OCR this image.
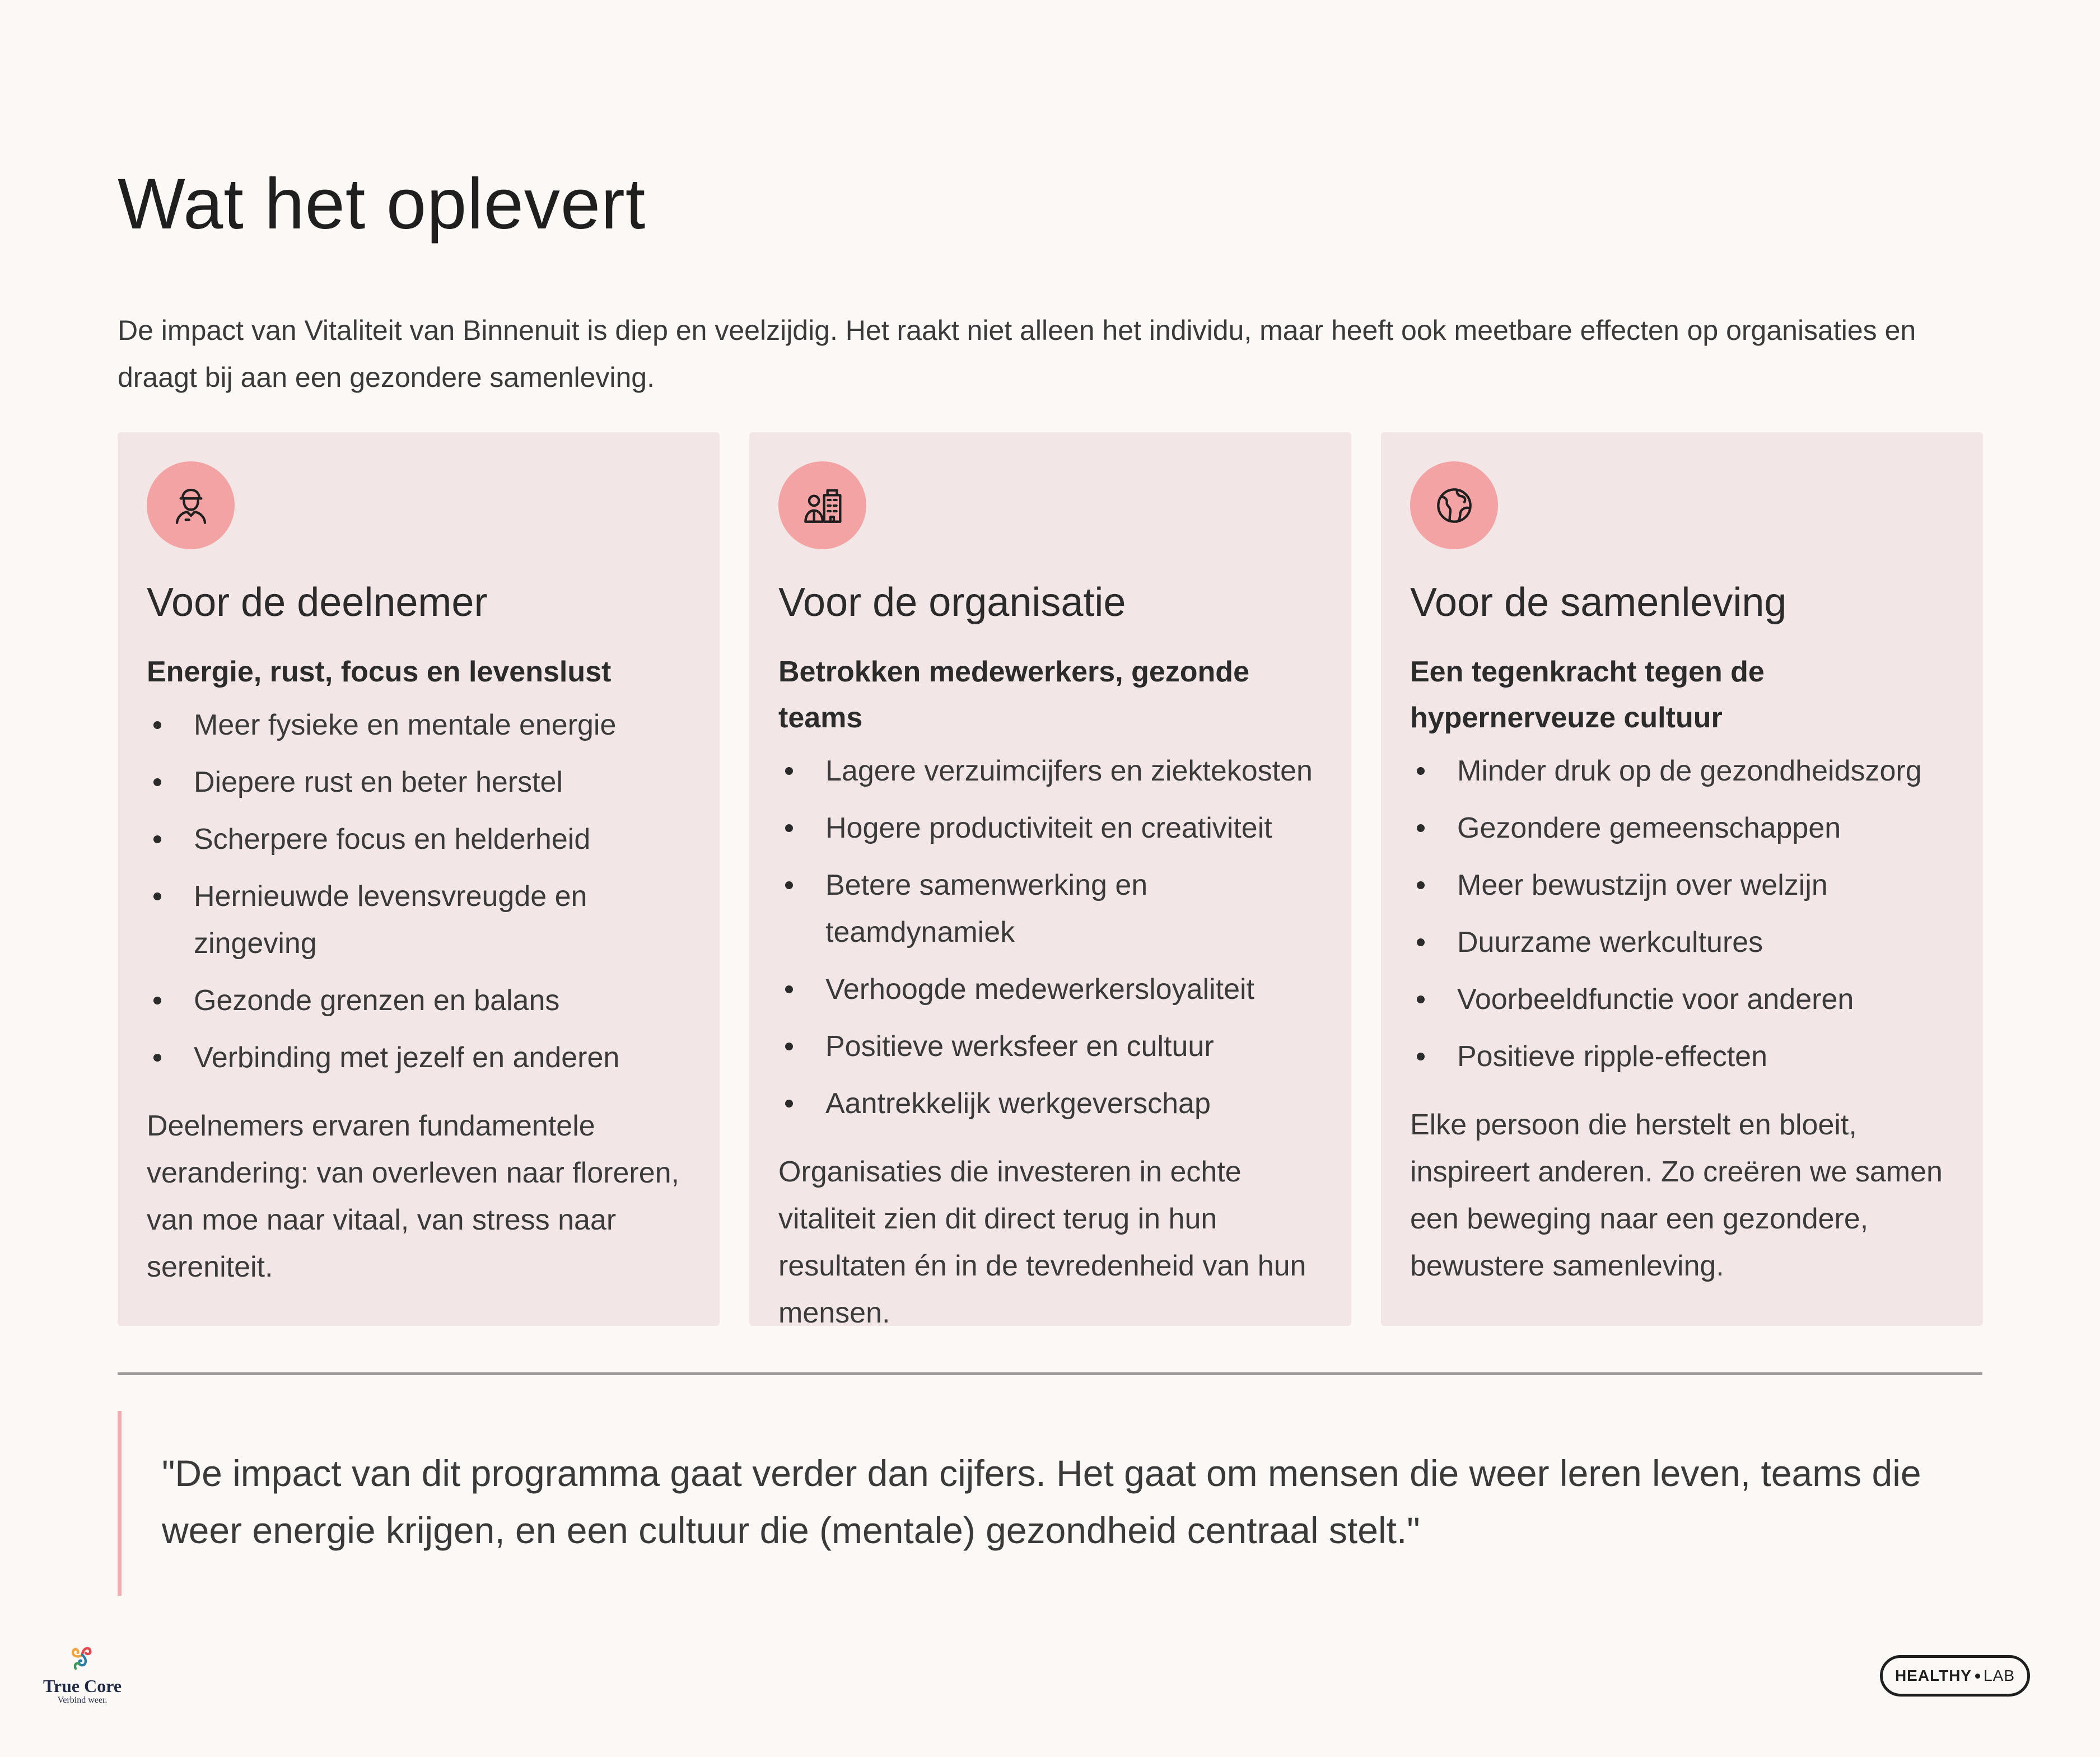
Wat het oplevert

De impact van Vitaliteit van Binnenuit is diep en veelzijdig. Het raakt niet alleen het individu, maar heeft ook meetbare effecten op organisaties en draagt bij aan een gezondere samenleving.

Voor de deelnemer

Energie, rust, focus en levenslust

Meer fysieke en mentale energie
Diepere rust en beter herstel
Scherpere focus en helderheid
Hernieuwde levensvreugde en zingeving
Gezonde grenzen en balans
Verbinding met jezelf en anderen

Deelnemers ervaren fundamentele verandering: van overleven naar floreren, van moe naar vitaal, van stress naar sereniteit.

Voor de organisatie

Betrokken medewerkers, gezonde teams

Lagere verzuimcijfers en ziektekosten
Hogere productiviteit en creativiteit
Betere samenwerking en teamdynamiek
Verhoogde medewerkersloyaliteit
Positieve werksfeer en cultuur
Aantrekkelijk werkgeverschap

Organisaties die investeren in echte vitaliteit zien dit direct terug in hun resultaten én in de tevredenheid van hun mensen.

Voor de samenleving

Een tegenkracht tegen de hypernerveuze cultuur

Minder druk op de gezondheidszorg
Gezondere gemeenschappen
Meer bewustzijn over welzijn
Duurzame werkcultures
Voorbeeldfunctie voor anderen
Positieve ripple-effecten

Elke persoon die herstelt en bloeit, inspireert anderen. Zo creëren we samen een beweging naar een gezondere, bewustere samenleving.

"De impact van dit programma gaat verder dan cijfers. Het gaat om mensen die weer leren leven, teams die weer energie krijgen, en een cultuur die (mentale) gezondheid centraal stelt."

True Core
Verbind weer.
HEALTHY LAB
